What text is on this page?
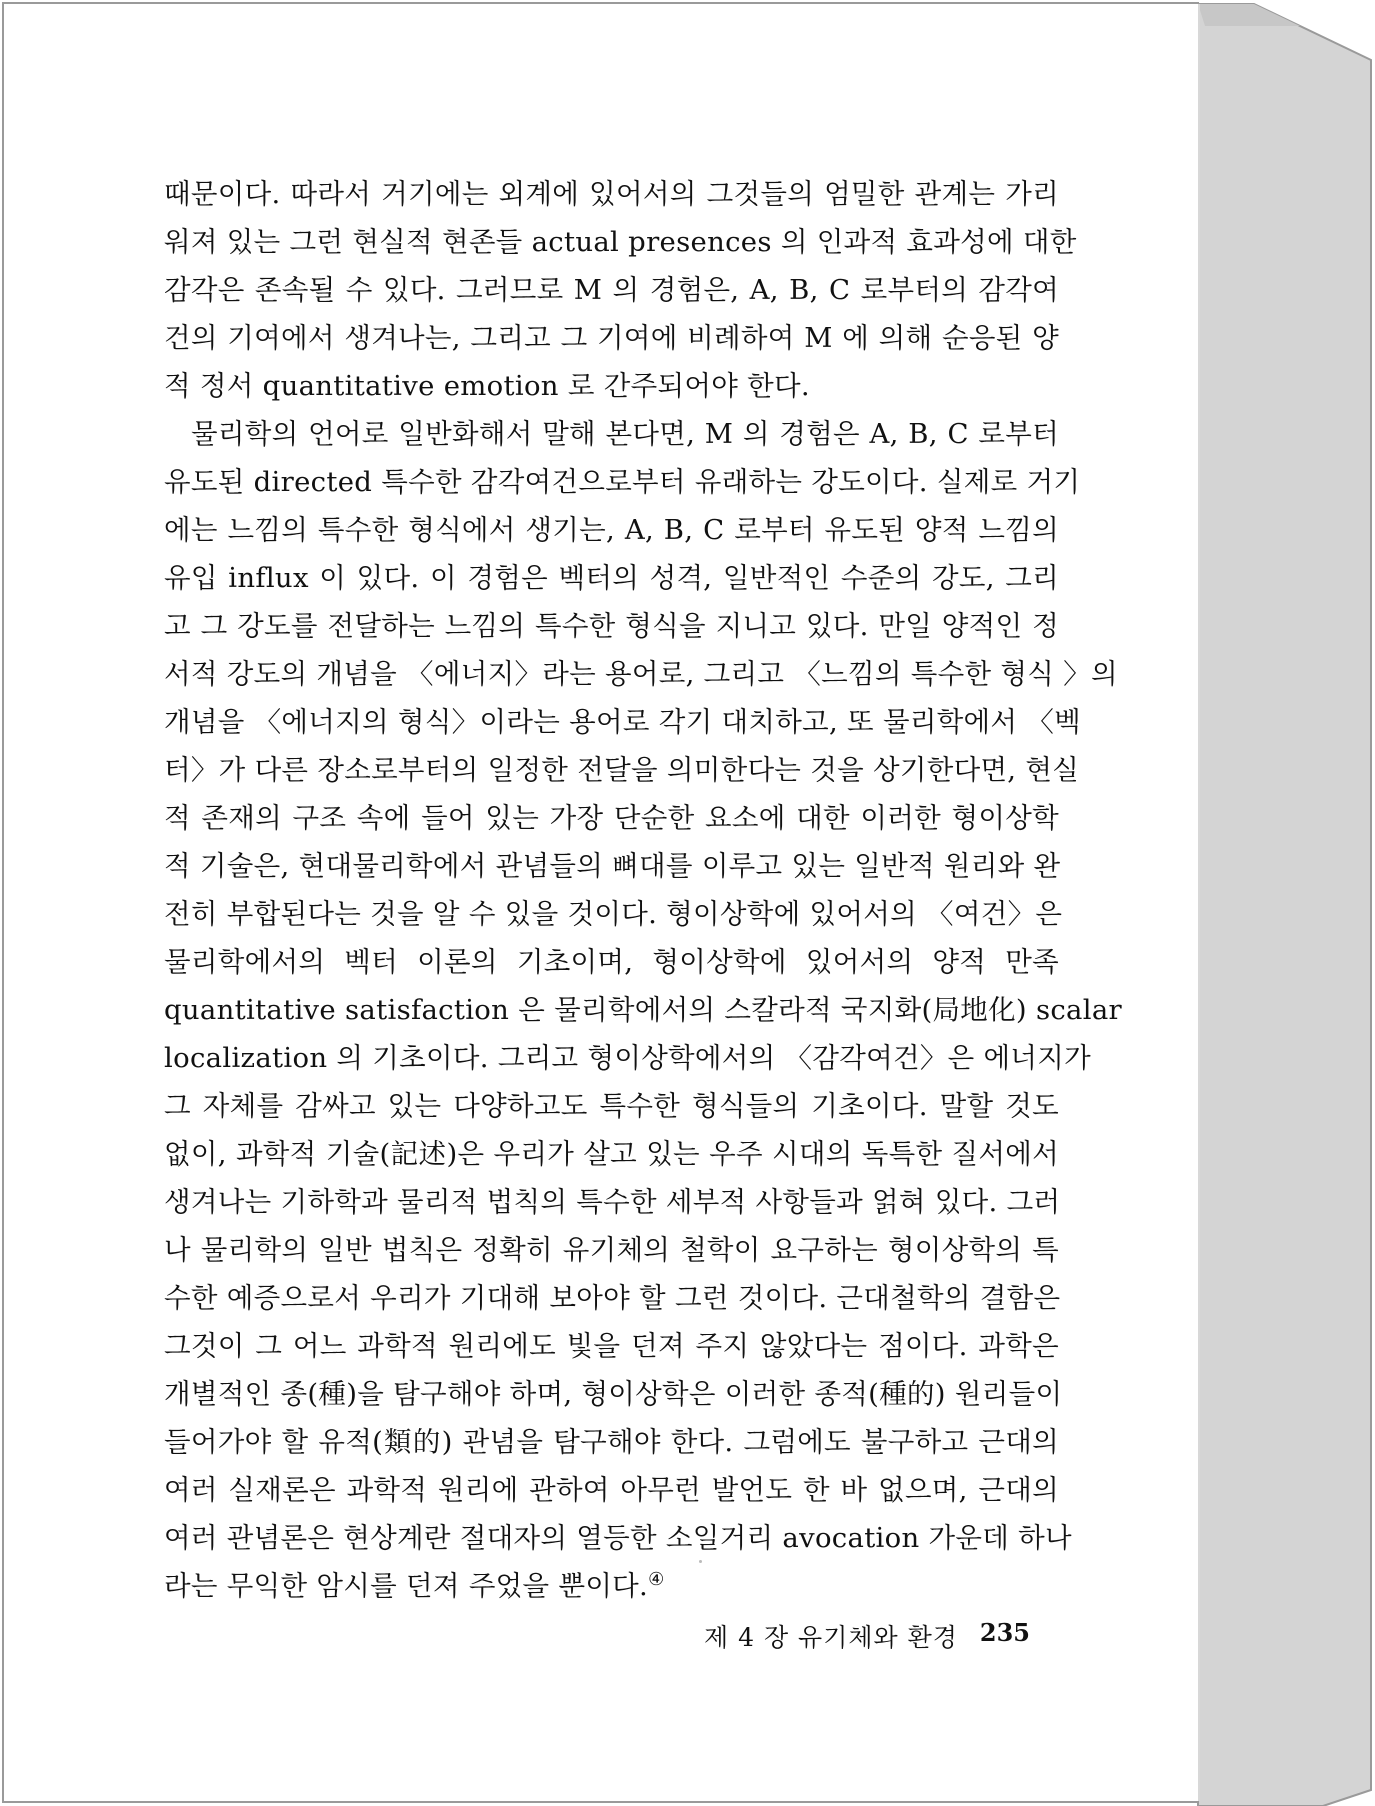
때문이다. 따라서 거기에는 외계에 있어서의 그것들의 엄밀한 관계는 가리
워져 있는 그런 현실적 현존들 actual presences 의 인과적 효과성에 대한
감각은 존속될 수 있다. 그러므로 M 의 경험은, A, B, C 로부터의 감각여
건의 기여에서 생겨나는, 그리고 그 기여에 비례하여 M 에 의해 순응된 양
적 정서 quantitative emotion 로 간주되어야 한다.
물리학의 언어로 일반화해서 말해 본다면, M 의 경험은 A, B, C 로부터
유도된 directed 특수한 감각여건으로부터 유래하는 강도이다. 실제로 거기
에는 느낌의 특수한 형식에서 생기는, A, B, C 로부터 유도된 양적 느낌의
유입 influx 이 있다. 이 경험은 벡터의 성격, 일반적인 수준의 강도, 그리
고 그 강도를 전달하는 느낌의 특수한 형식을 지니고 있다. 만일 양적인 정
서적 강도의 개념을 〈에너지〉라는 용어로, 그리고 〈느낌의 특수한 형식 〉의
개념을 〈에너지의 형식〉이라는 용어로 각기 대치하고, 또 물리학에서 〈벡
터〉가 다른 장소로부터의 일정한 전달을 의미한다는 것을 상기한다면, 현실
적 존재의 구조 속에 들어 있는 가장 단순한 요소에 대한 이러한 형이상학
적 기술은, 현대물리학에서 관념들의 뼈대를 이루고 있는 일반적 원리와 완
전히 부합된다는 것을 알 수 있을 것이다. 형이상학에 있어서의 〈여건〉은
물리학에서의 벡터 이론의 기초이며, 형이상학에 있어서의 양적 만족
quantitative satisfaction 은 물리학에서의 스칼라적 국지화(局地化) scalar
localization 의 기초이다. 그리고 형이상학에서의 〈감각여건〉은 에너지가
그 자체를 감싸고 있는 다양하고도 특수한 형식들의 기초이다. 말할 것도
없이, 과학적 기술(記述)은 우리가 살고 있는 우주 시대의 독특한 질서에서
생겨나는 기하학과 물리적 법칙의 특수한 세부적 사항들과 얽혀 있다. 그러
나 물리학의 일반 법칙은 정확히 유기체의 철학이 요구하는 형이상학의 특
수한 예증으로서 우리가 기대해 보아야 할 그런 것이다. 근대철학의 결함은
그것이 그 어느 과학적 원리에도 빛을 던져 주지 않았다는 점이다. 과학은
개별적인 종(種)을 탐구해야 하며, 형이상학은 이러한 종적(種的) 원리들이
들어가야 할 유적(類的) 관념을 탐구해야 한다. 그럼에도 불구하고 근대의
여러 실재론은 과학적 원리에 관하여 아무런 발언도 한 바 없으며, 근대의
여러 관념론은 현상계란 절대자의 열등한 소일거리 avocation 가운데 하나
라는 무익한 암시를 던져 주었을 뿐이다.④
제 4 장 유기체와 환경 235
